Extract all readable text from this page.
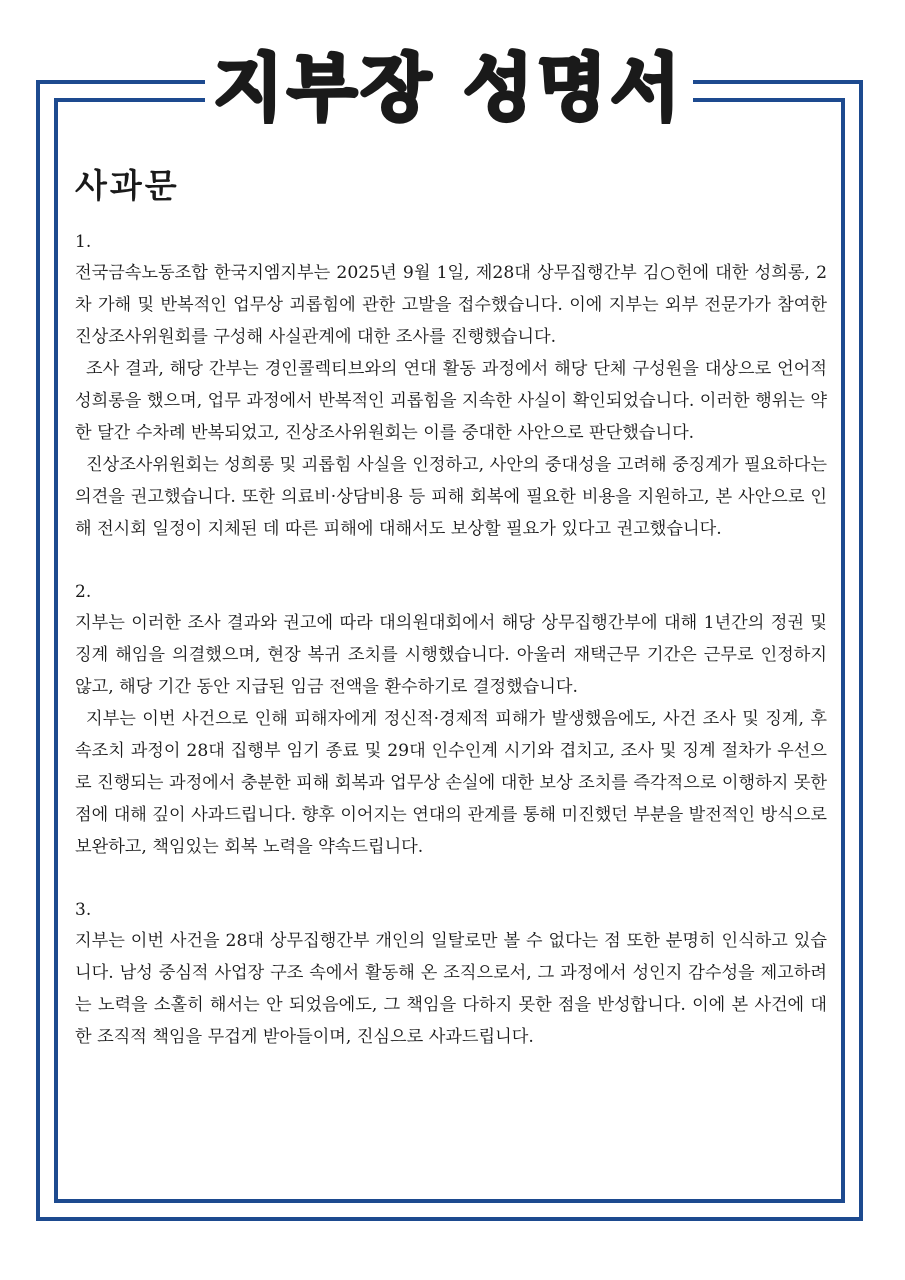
지부장 성명서
사과문
1.

전국금속노동조합 한국지엠지부는 2025년 9월 1일, 제28대 상무집행간부 김○헌에 대한 성희롱, 2차 가해 및 반복적인 업무상 괴롭힘에 관한 고발을 접수했습니다. 이에 지부는 외부 전문가가 참여한 진상조사위원회를 구성해 사실관계에 대한 조사를 진행했습니다.

조사 결과, 해당 간부는 경인콜렉티브와의 연대 활동 과정에서 해당 단체 구성원을 대상으로 언어적 성희롱을 했으며, 업무 과정에서 반복적인 괴롭힘을 지속한 사실이 확인되었습니다. 이러한 행위는 약 한 달간 수차례 반복되었고, 진상조사위원회는 이를 중대한 사안으로 판단했습니다.

진상조사위원회는 성희롱 및 괴롭힘 사실을 인정하고, 사안의 중대성을 고려해 중징계가 필요하다는 의견을 권고했습니다. 또한 의료비·상담비용 등 피해 회복에 필요한 비용을 지원하고, 본 사안으로 인해 전시회 일정이 지체된 데 따른 피해에 대해서도 보상할 필요가 있다고 권고했습니다.

2.

지부는 이러한 조사 결과와 권고에 따라 대의원대회에서 해당 상무집행간부에 대해 1년간의 정권 및 징계 해임을 의결했으며, 현장 복귀 조치를 시행했습니다. 아울러 재택근무 기간은 근무로 인정하지 않고, 해당 기간 동안 지급된 임금 전액을 환수하기로 결정했습니다.

지부는 이번 사건으로 인해 피해자에게 정신적·경제적 피해가 발생했음에도, 사건 조사 및 징계, 후속조치 과정이 28대 집행부 임기 종료 및 29대 인수인계 시기와 겹치고, 조사 및 징계 절차가 우선으로 진행되는 과정에서 충분한 피해 회복과 업무상 손실에 대한 보상 조치를 즉각적으로 이행하지 못한 점에 대해 깊이 사과드립니다. 향후 이어지는 연대의 관계를 통해 미진했던 부분을 발전적인 방식으로 보완하고, 책임있는 회복 노력을 약속드립니다.

3.

지부는 이번 사건을 28대 상무집행간부 개인의 일탈로만 볼 수 없다는 점 또한 분명히 인식하고 있습니다. 남성 중심적 사업장 구조 속에서 활동해 온 조직으로서, 그 과정에서 성인지 감수성을 제고하려는 노력을 소홀히 해서는 안 되었음에도, 그 책임을 다하지 못한 점을 반성합니다. 이에 본 사건에 대한 조직적 책임을 무겁게 받아들이며, 진심으로 사과드립니다.
